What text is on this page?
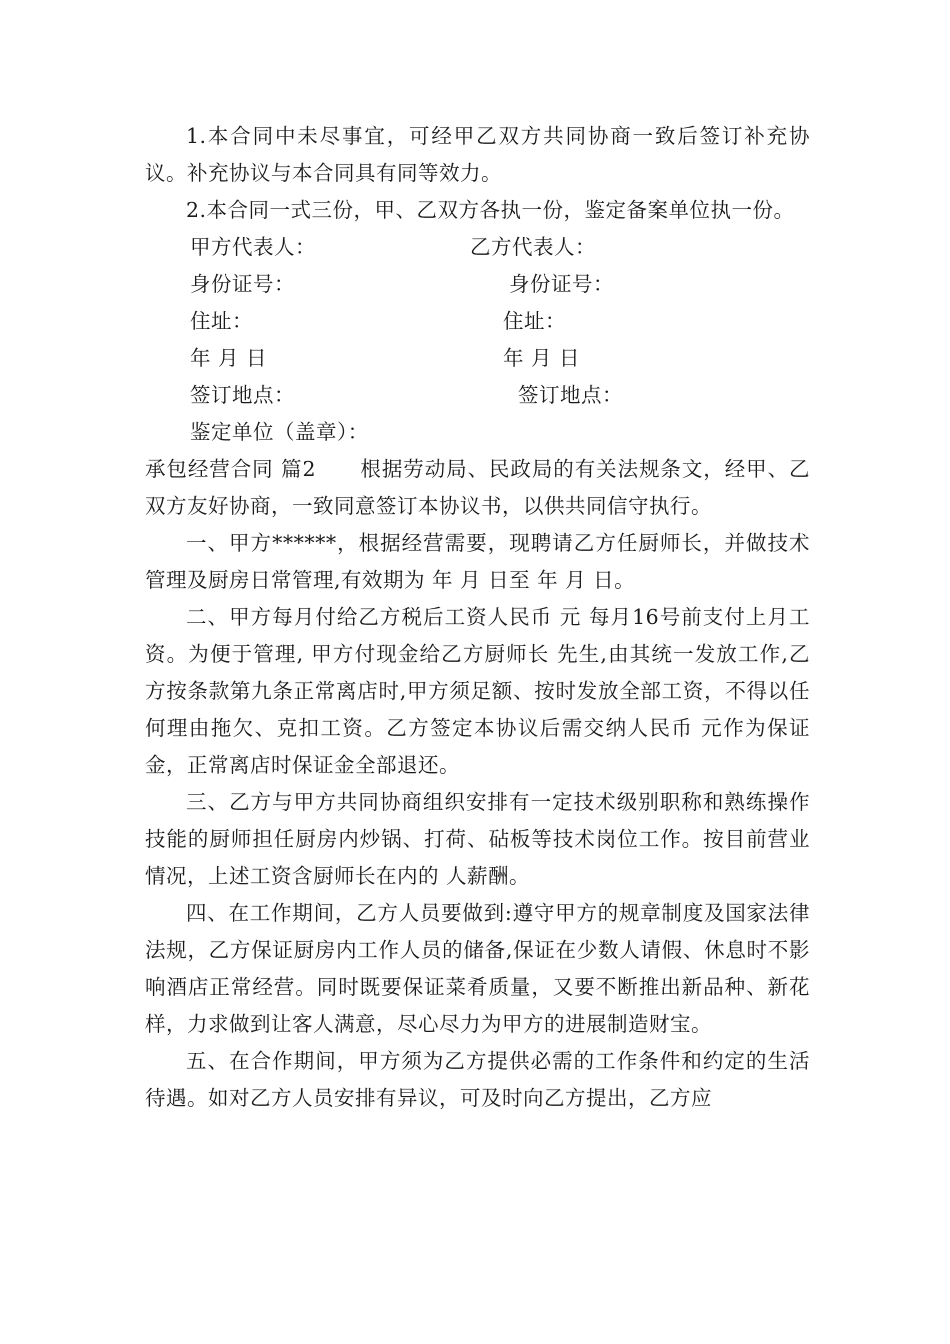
1.本合同中未尽事宜，可经甲乙双方共同协商一致后签订补充协议。补充协议与本合同具有同等效力。

2.本合同一式三份，甲、乙双方各执一份，鉴定备案单位执一份。

甲方代表人：	乙方代表人：
身份证号：	身份证号：
住址：	住址：
年 月 日	年 月 日
签订地点：	签订地点：
鉴定单位（盖章）：

承包经营合同 篇2 根据劳动局、民政局的有关法规条文，经甲、乙双方友好协商，一致同意签订本协议书，以供共同信守执行。

一、甲方******，根据经营需要，现聘请乙方任厨师长，并做技术管理及厨房日常管理,有效期为 年 月 日至 年 月 日。

二、甲方每月付给乙方税后工资人民币 元 每月16号前支付上月工资。为便于管理, 甲方付现金给乙方厨师长 先生,由其统一发放工作,乙方按条款第九条正常离店时,甲方须足额、按时发放全部工资，不得以任何理由拖欠、克扣工资。乙方签定本协议后需交纳人民币 元作为保证金，正常离店时保证金全部退还。

三、乙方与甲方共同协商组织安排有一定技术级别职称和熟练操作技能的厨师担任厨房内炒锅、打荷、砧板等技术岗位工作。按目前营业情况，上述工资含厨师长在内的 人薪酬。

四、在工作期间，乙方人员要做到:遵守甲方的规章制度及国家法律法规，乙方保证厨房内工作人员的储备,保证在少数人请假、休息时不影响酒店正常经营。同时既要保证菜肴质量，又要不断推出新品种、新花样，力求做到让客人满意，尽心尽力为甲方的进展制造财宝。

五、在合作期间，甲方须为乙方提供必需的工作条件和约定的生活待遇。如对乙方人员安排有异议，可及时向乙方提出，乙方应
